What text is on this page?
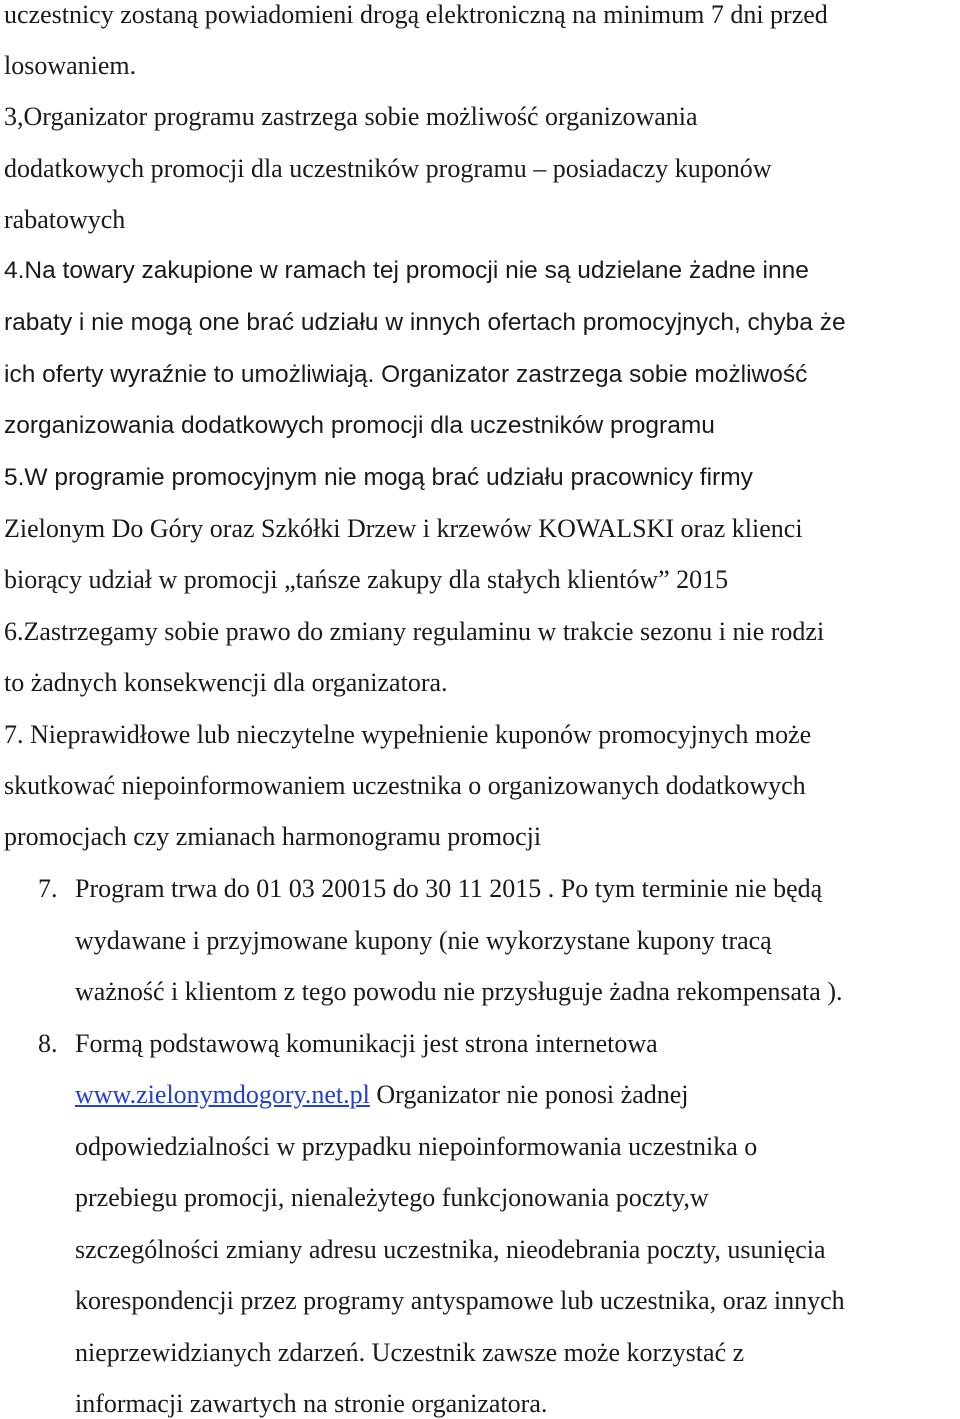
uczestnicy zostaną powiadomieni drogą elektroniczną na minimum 7 dni przed
losowaniem.
3,Organizator programu zastrzega sobie możliwość organizowania
dodatkowych promocji dla uczestników programu – posiadaczy kuponów
rabatowych
4.Na towary zakupione w ramach tej promocji nie są udzielane żadne inne
rabaty i nie mogą one brać udziału w innych ofertach promocyjnych, chyba że
ich oferty wyraźnie to umożliwiają. Organizator zastrzega sobie możliwość
zorganizowania dodatkowych promocji dla uczestników programu
5.W programie promocyjnym nie mogą brać udziału pracownicy firmy
Zielonym Do Góry oraz Szkółki Drzew i krzewów KOWALSKI oraz klienci
biorący udział w promocji „tańsze zakupy dla stałych klientów” 2015
6.Zastrzegamy sobie prawo do zmiany regulaminu w trakcie sezonu i nie rodzi
to żadnych konsekwencji dla organizatora.
7. Nieprawidłowe lub nieczytelne wypełnienie kuponów promocyjnych może
skutkować niepoinformowaniem uczestnika o organizowanych dodatkowych
promocjach czy zmianach harmonogramu promocji
7. Program trwa do 01 03 20015 do 30 11 2015 . Po tym terminie nie będą
wydawane i przyjmowane kupony (nie wykorzystane kupony tracą
ważność i klientom z tego powodu nie przysługuje żadna rekompensata ).
8. Formą podstawową komunikacji jest strona internetowa
www.zielonymdogory.net.pl Organizator nie ponosi żadnej
odpowiedzialności w przypadku niepoinformowania uczestnika o
przebiegu promocji, nienależytego funkcjonowania poczty,w
szczególności zmiany adresu uczestnika, nieodebrania poczty, usunięcia
korespondencji przez programy antyspamowe lub uczestnika, oraz innych
nieprzewidzianych zdarzeń. Uczestnik zawsze może korzystać z
informacji zawartych na stronie organizatora.
